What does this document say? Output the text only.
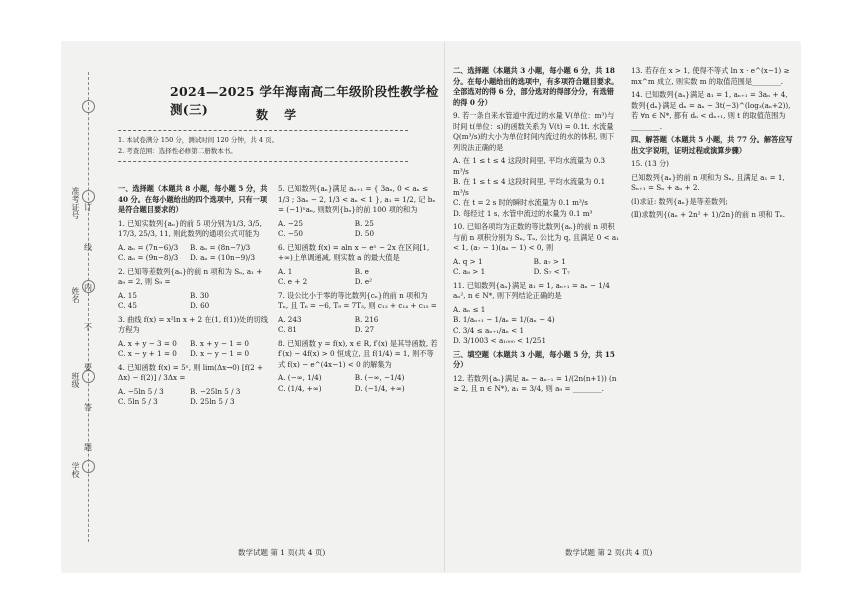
准考证号
姓名
班级
学校
订
线
内
不
要
答
题
2024—2025 学年海南高二年级阶段性教学检测(三)	数 学
1. 本试卷满分 150 分，测试时间 120 分钟，共 4 页。
2. 考查范围：选择性必修第二册数本书。
一、选择题（本题共 8 小题，每小题 5 分，共 40 分。在每小题给出的四个选项中，只有一项是符合题目要求的）
1. 已知实数列{aₙ}的前 5 项分别为1/3, 3/5, 17/3, 25/3, 11, 则此数列的通项公式可能为
A. aₙ = (7n−6)/3 B. aₙ = (8n−7)/3 C. aₙ = (9n−8)/3 D. aₙ = (10n−9)/3
2. 已知等差数列{aₙ}的前 n 项和为 Sₙ, a₁ + a₉ = 2, 则 S₉ =
A. 15	B. 30 C. 45	D. 60
3. 曲线 f(x) = x²ln x + 2 在(1, f(1))处的切线方程为
A. x + y − 3 = 0 B. x + y − 1 = 0 C. x − y + 1 = 0 D. x − y − 1 = 0
4. 已知函数 f(x) = 5ˣ, 则 lim(Δx→0) [f(2 + Δx) − f(2)] / 3Δx =
A. −5ln 5 / 3	B. −25ln 5 / 3 C. 5ln 5 / 3	D. 25ln 5 / 3
5. 已知数列{aₙ}满足 aₙ₊₁ = { 3aₙ, 0 < aₙ ≤ 1/3 ; 3aₙ − 2, 1/3 < aₙ < 1 }, a₁ = 1/2, 记 bₙ = (−1)ⁿaₙ, 则数列{bₙ}的前 100 项的和为
A. −25	B. 25 C. −50	D. 50
6. 已知函数 f(x) = aln x − eˣ − 2x 在区间[1, +∞)上单调递减, 则实数 a 的最大值是
A. 1	B. e C. e + 2	D. e²
7. 设公比小于零的等比数列{cₙ}的前 n 项和为 Tₙ, 且 T₆ = −6, T₉ = 7T₃, 则 c₁₃ + c₁₄ + c₁₅ =
A. 243	B. 216 C. 81	D. 27
8. 已知函数 y = f(x), x ∈ R, f′(x) 是其导函数, 若 f′(x) − 4f(x) > 0 恒成立, 且 f(1/4) = 1, 则不等式 f(x) − e^(4x−1) < 0 的解集为
A. (−∞, 1/4)	B. (−∞, −1/4) C. (1/4, +∞)	D. (−1/4, +∞)
数学试题 第 1 页(共 4 页)
二、选择题（本题共 3 小题，每小题 6 分，共 18 分。在每小题给出的选项中，有多项符合题目要求。全部选对的得 6 分，部分选对的得部分分，有选错的得 0 分）
9. 若一条自来水管道中流过的水量 V(单位：m³)与时间 t(单位：s)的函数关系为 V(t) = 0.1t. 水流量 Q(m³/s)的大小为单位时间内流过的水的体积, 则下列说法正确的是
A. 在 1 ≤ t ≤ 4 这段时间里, 平均水流量为 0.3 m³/s
B. 在 1 ≤ t ≤ 4 这段时间里, 平均水流量为 0.1 m³/s
C. 在 t = 2 s 时的瞬时水流量为 0.1 m³/s
D. 每经过 1 s, 水管中流过的水量为 0.1 m³
10. 已知各项均为正数的等比数列{aₙ}的前 n 项积与前 n 项积分别为 Sₙ, Tₙ, 公比为 q, 且满足 0 < a₁ < 1, (a₇ − 1)(a₈ − 1) < 0, 则
A. q > 1	B. a₇ > 1 C. a₈ > 1	D. S₇ < T₇
11. 已知数列{aₙ}满足 a₁ = 1, aₙ₊₁ = aₙ − 1/4 aₙ², n ∈ N*, 则下列结论正确的是
A. aₙ ≤ 1
B. 1/aₙ₊₁ − 1/aₙ = 1/(aₙ − 4)
C. 3/4 ≤ aₙ₊₁/aₙ < 1
D. 3/1003 < a₁₀₀₀ < 1/251
三、填空题（本题共 3 小题，每小题 5 分，共 15 分）
12. 若数列{aₙ}满足 aₙ − aₙ₋₁ = 1/(2n(n+1)) (n ≥ 2, 且 n ∈ N*), a₁ = 3/4, 则 a₉ = ________.
13. 若存在 x > 1, 使得不等式 ln x · e^(x−1) ≥ mx^m 成立, 则实数 m 的取值范围是________.
14. 已知数列{aₙ}满足 a₁ = 1, aₙ₊₁ = 3aₙ + 4, 数列{dₙ}满足 dₙ = aₙ − 3t(−3)^(log₃(aₙ+2)), 若 ∀n ∈ N*, 都有 dₙ < dₙ₊₁, 则 t 的取值范围为________.
四、解答题（本题共 5 小题，共 77 分。解答应写出文字说明，证明过程或演算步骤）
15. (13 分)
已知数列{aₙ}的前 n 项和为 Sₙ, 且满足 a₁ = 1, Sₙ₊₁ = Sₙ + aₙ + 2.
(Ⅰ)求证: 数列{aₙ}是等差数列;
(Ⅱ)求数列{(aₙ + 2n² + 1)/2n}的前 n 项和 Tₙ.
数学试题 第 2 页(共 4 页)
